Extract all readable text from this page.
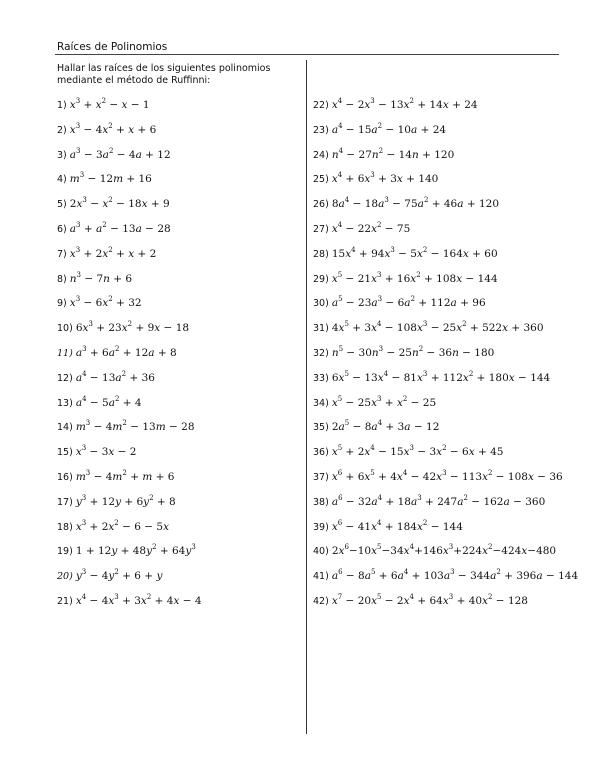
Raíces de Polinomios
Hallar las raíces de los siguientes polinomios mediante el método de Ruffinni:
1) $x^3 + x^2 - x - 1$
2) $x^3 - 4x^2 + x + 6$
3) $a^3 - 3a^2 - 4a + 12$
4) $m^3 - 12m + 16$
5) $2x^3 - x^2 - 18x + 9$
6) $a^3 + a^2 - 13a - 28$
7) $x^3 + 2x^2 + x + 2$
8) $n^3 - 7n + 6$
9) $x^3 - 6x^2 + 32$
10) $6x^3 + 23x^2 + 9x - 18$
11) $a^3 + 6a^2 + 12a + 8$
12) $a^4 - 13a^2 + 36$
13) $a^4 - 5a^2 + 4$
14) $m^3 - 4m^2 - 13m - 28$
15) $x^3 - 3x - 2$
16) $m^3 - 4m^2 + m + 6$
17) $y^3 + 12y + 6y^2 + 8$
18) $x^3 + 2x^2 - 6 - 5x$
19) $1 + 12y + 48y^2 + 64y^3$
20) $y^3 - 4y^2 + 6 + y$
21) $x^4 - 4x^3 + 3x^2 + 4x - 4$
22) $x^4 - 2x^3 - 13x^2 + 14x + 24$
23) $a^4 - 15a^2 - 10a + 24$
24) $n^4 - 27n^2 - 14n + 120$
25) $x^4 + 6x^3 + 3x + 140$
26) $8a^4 - 18a^3 - 75a^2 + 46a + 120$
27) $x^4 - 22x^2 - 75$
28) $15x^4 + 94x^3 - 5x^2 - 164x + 60$
29) $x^5 - 21x^3 + 16x^2 + 108x - 144$
30) $a^5 - 23a^3 - 6a^2 + 112a + 96$
31) $4x^5 + 3x^4 - 108x^3 - 25x^2 + 522x + 360$
32) $n^5 - 30n^3 - 25n^2 - 36n - 180$
33) $6x^5 - 13x^4 - 81x^3 + 112x^2 + 180x - 144$
34) $x^5 - 25x^3 + x^2 - 25$
35) $2a^5 - 8a^4 + 3a - 12$
36) $x^5 + 2x^4 - 15x^3 - 3x^2 - 6x + 45$
37) $x^6 + 6x^5 + 4x^4 - 42x^3 - 113x^2 - 108x - 36$
38) $a^6 - 32a^4 + 18a^3 + 247a^2 - 162a - 360$
39) $x^6 - 41x^4 + 184x^2 - 144$
40) $2x^6-10x^5-34x^4+146x^3+224x^2-424x-480$
41) $a^6 - 8a^5 + 6a^4 + 103a^3 - 344a^2 + 396a - 144$
42) $x^7 - 20x^5 - 2x^4 + 64x^3 + 40x^2 - 128$
